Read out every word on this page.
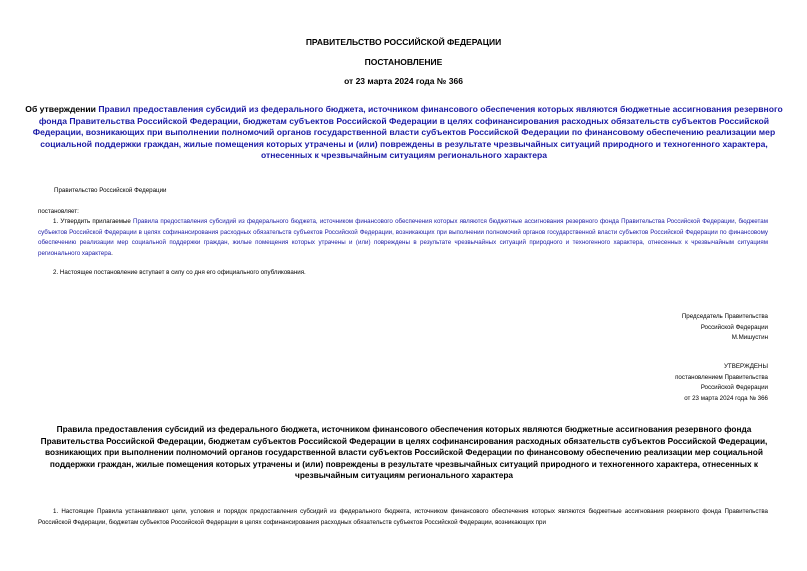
ПРАВИТЕЛЬСТВО РОССИЙСКОЙ ФЕДЕРАЦИИ
ПОСТАНОВЛЕНИЕ
от 23 марта 2024 года № 366
Об утверждении Правил предоставления субсидий из федерального бюджета, источником финансового обеспечения которых являются бюджетные ассигнования резервного фонда Правительства Российской Федерации, бюджетам субъектов Российской Федерации в целях софинансирования расходных обязательств субъектов Российской Федерации, возникающих при выполнении полномочий органов государственной власти субъектов Российской Федерации по финансовому обеспечению реализации мер социальной поддержки граждан, жилые помещения которых утрачены и (или) повреждены в результате чрезвычайных ситуаций природного и техногенного характера, отнесенных к чрезвычайным ситуациям регионального характера
Правительство Российской Федерации
постановляет:
1. Утвердить прилагаемые Правила предоставления субсидий из федерального бюджета, источником финансового обеспечения которых являются бюджетные ассигнования резервного фонда Правительства Российской Федерации, бюджетам субъектов Российской Федерации в целях софинансирования расходных обязательств субъектов Российской Федерации, возникающих при выполнении полномочий органов государственной власти субъектов Российской Федерации по финансовому обеспечению реализации мер социальной поддержки граждан, жилые помещения которых утрачены и (или) повреждены в результате чрезвычайных ситуаций природного и техногенного характера, отнесенных к чрезвычайным ситуациям регионального характера.
2. Настоящее постановление вступает в силу со дня его официального опубликования.
Председатель Правительства
Российской Федерации
М.Мишустин
УТВЕРЖДЕНЫ
постановлением Правительства
Российской Федерации
от 23 марта 2024 года № 366
Правила предоставления субсидий из федерального бюджета, источником финансового обеспечения которых являются бюджетные ассигнования резервного фонда Правительства Российской Федерации, бюджетам субъектов Российской Федерации в целях софинансирования расходных обязательств субъектов Российской Федерации, возникающих при выполнении полномочий органов государственной власти субъектов Российской Федерации по финансовому обеспечению реализации мер социальной поддержки граждан, жилые помещения которых утрачены и (или) повреждены в результате чрезвычайных ситуаций природного и техногенного характера, отнесенных к чрезвычайным ситуациям регионального характера
1. Настоящие Правила устанавливают цели, условия и порядок предоставления субсидий из федерального бюджета, источником финансового обеспечения которых являются бюджетные ассигнования резервного фонда Правительства Российской Федерации, бюджетам субъектов Российской Федерации в целях софинансирования расходных обязательств субъектов Российской Федерации, возникающих при
